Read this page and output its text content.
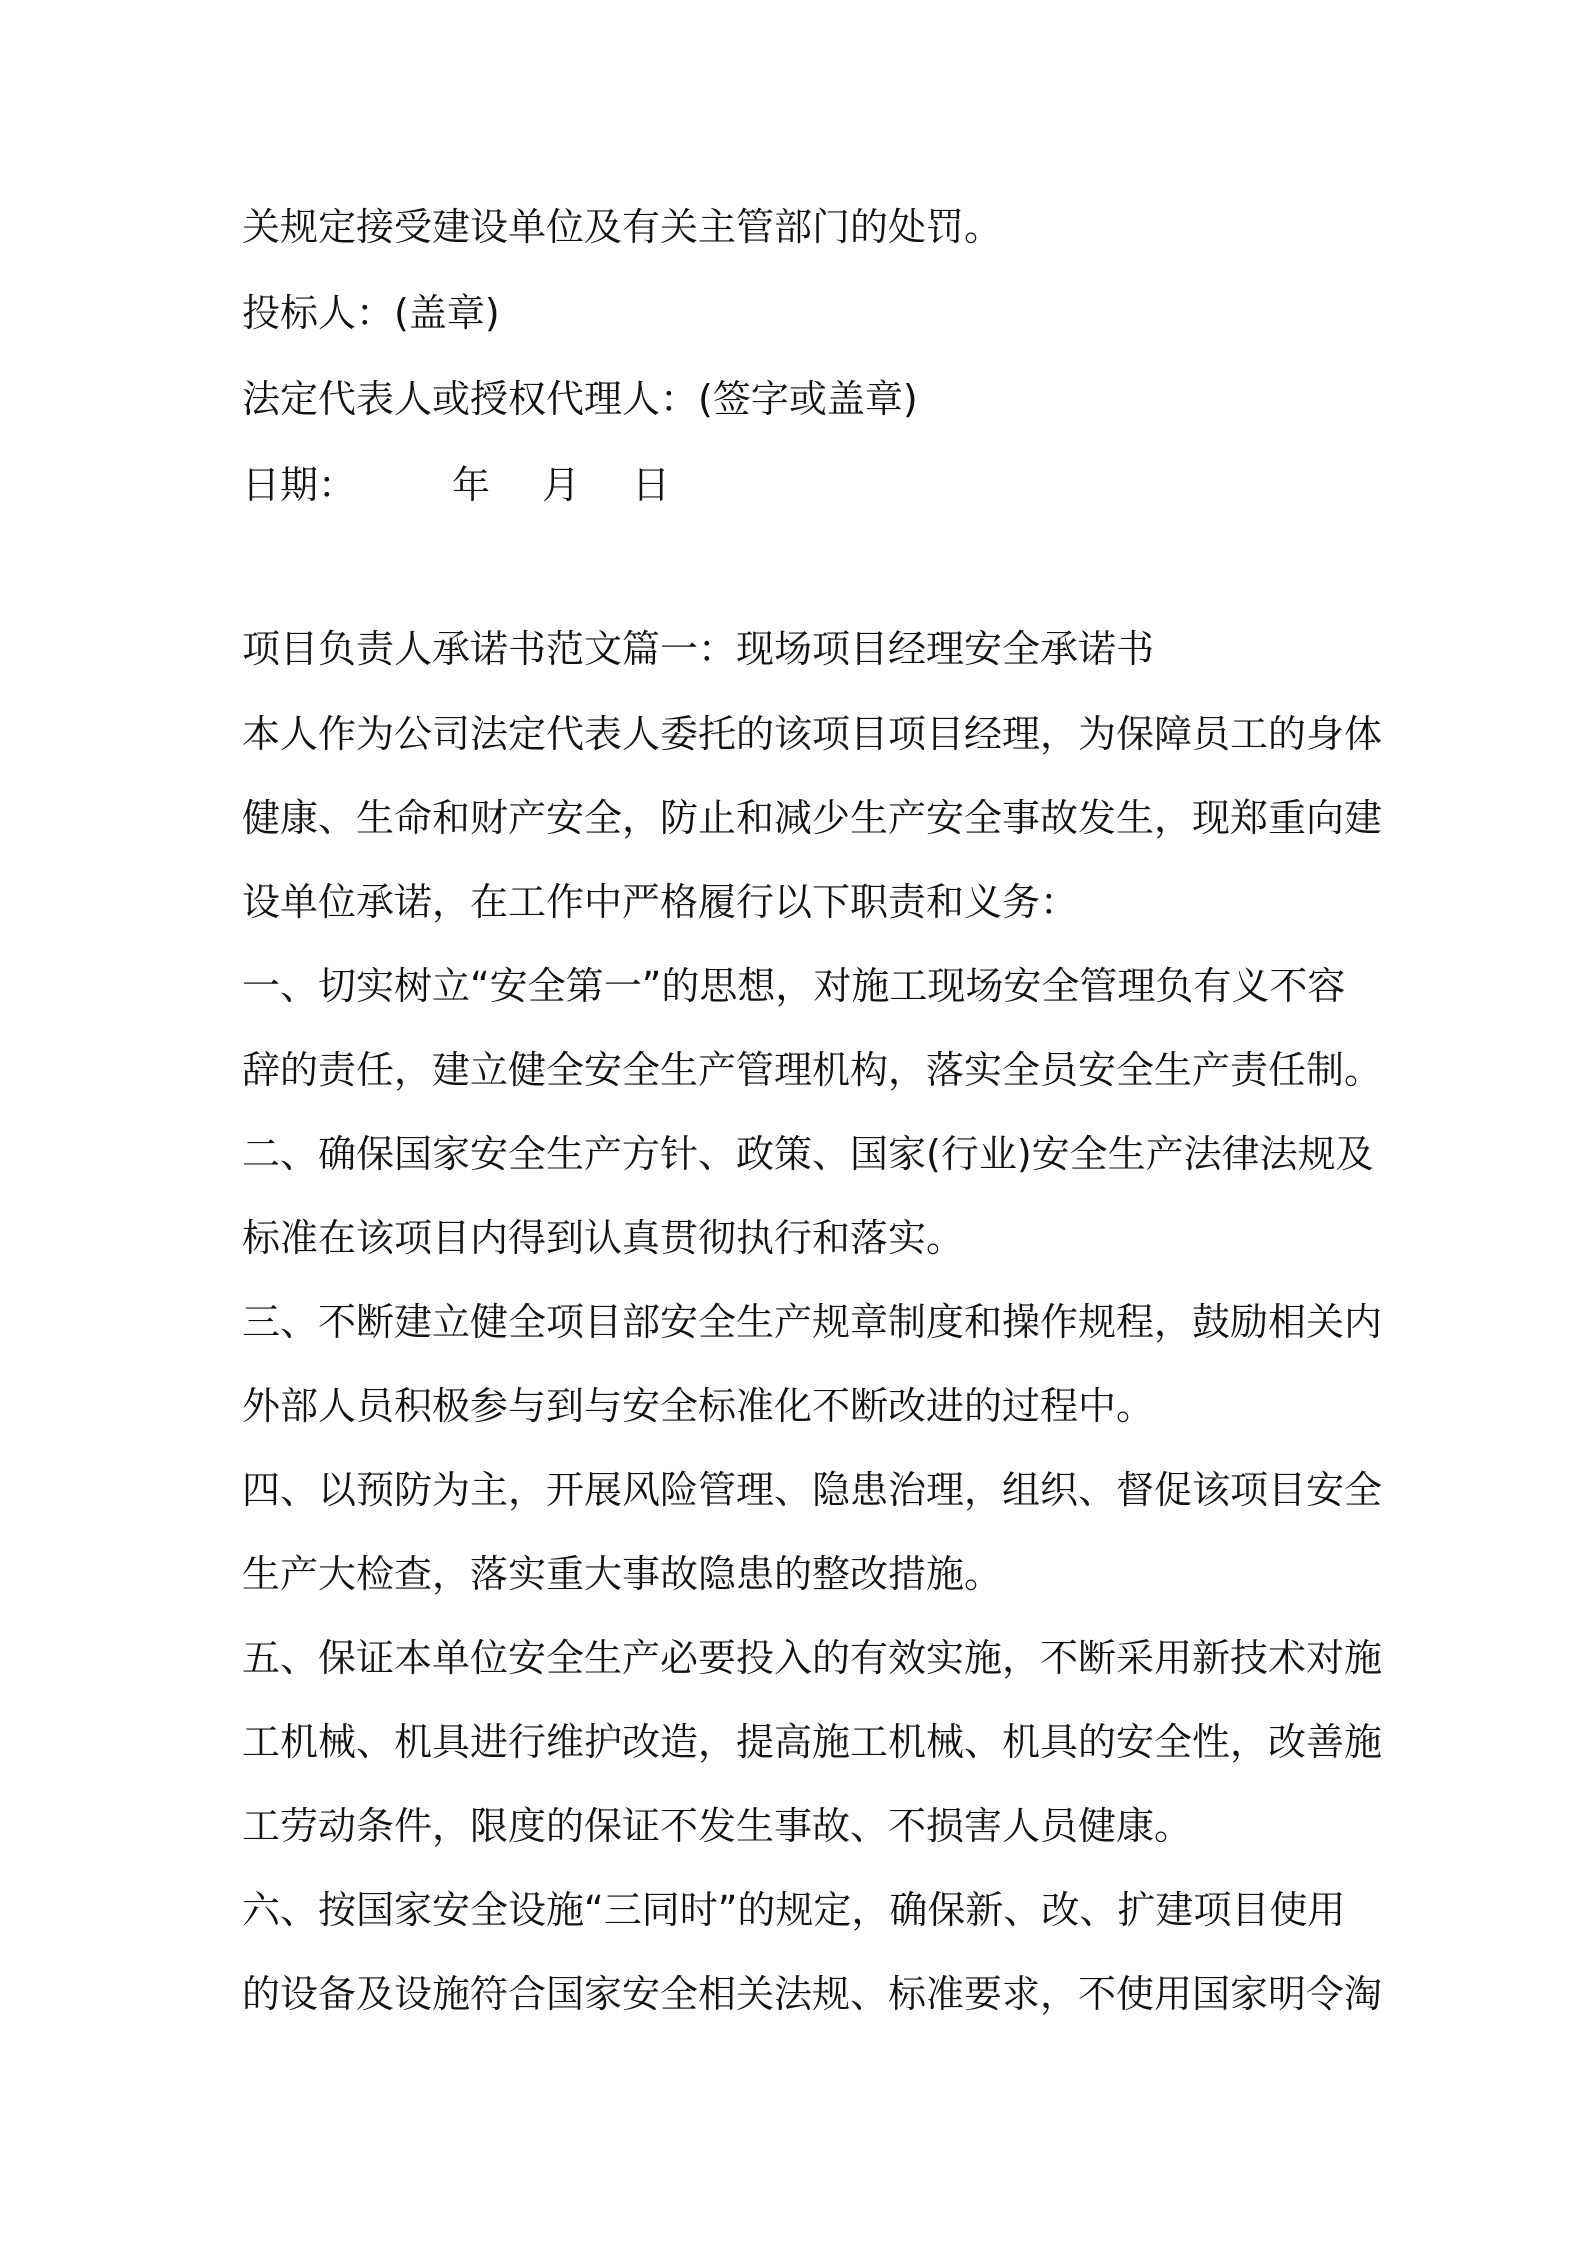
关规定接受建设单位及有关主管部门的处罚。

投标人：(盖章)

法定代表人或授权代理人：(签字或盖章)

日期：	年 月 日

项目负责人承诺书范文篇一：现场项目经理安全承诺书

本人作为公司法定代表人委托的该项目项目经理，为保障员工的身体

健康、生命和财产安全，防止和减少生产安全事故发生，现郑重向建

设单位承诺，在工作中严格履行以下职责和义务：

一、切实树立“安全第一”的思想，对施工现场安全管理负有义不容

辞的责任，建立健全安全生产管理机构，落实全员安全生产责任制。

二、确保国家安全生产方针、政策、国家(行业)安全生产法律法规及

标准在该项目内得到认真贯彻执行和落实。

三、不断建立健全项目部安全生产规章制度和操作规程，鼓励相关内

外部人员积极参与到与安全标准化不断改进的过程中。

四、以预防为主，开展风险管理、隐患治理，组织、督促该项目安全

生产大检查，落实重大事故隐患的整改措施。

五、保证本单位安全生产必要投入的有效实施，不断采用新技术对施

工机械、机具进行维护改造，提高施工机械、机具的安全性，改善施

工劳动条件，限度的保证不发生事故、不损害人员健康。

六、按国家安全设施“三同时”的规定，确保新、改、扩建项目使用

的设备及设施符合国家安全相关法规、标准要求，不使用国家明令淘
